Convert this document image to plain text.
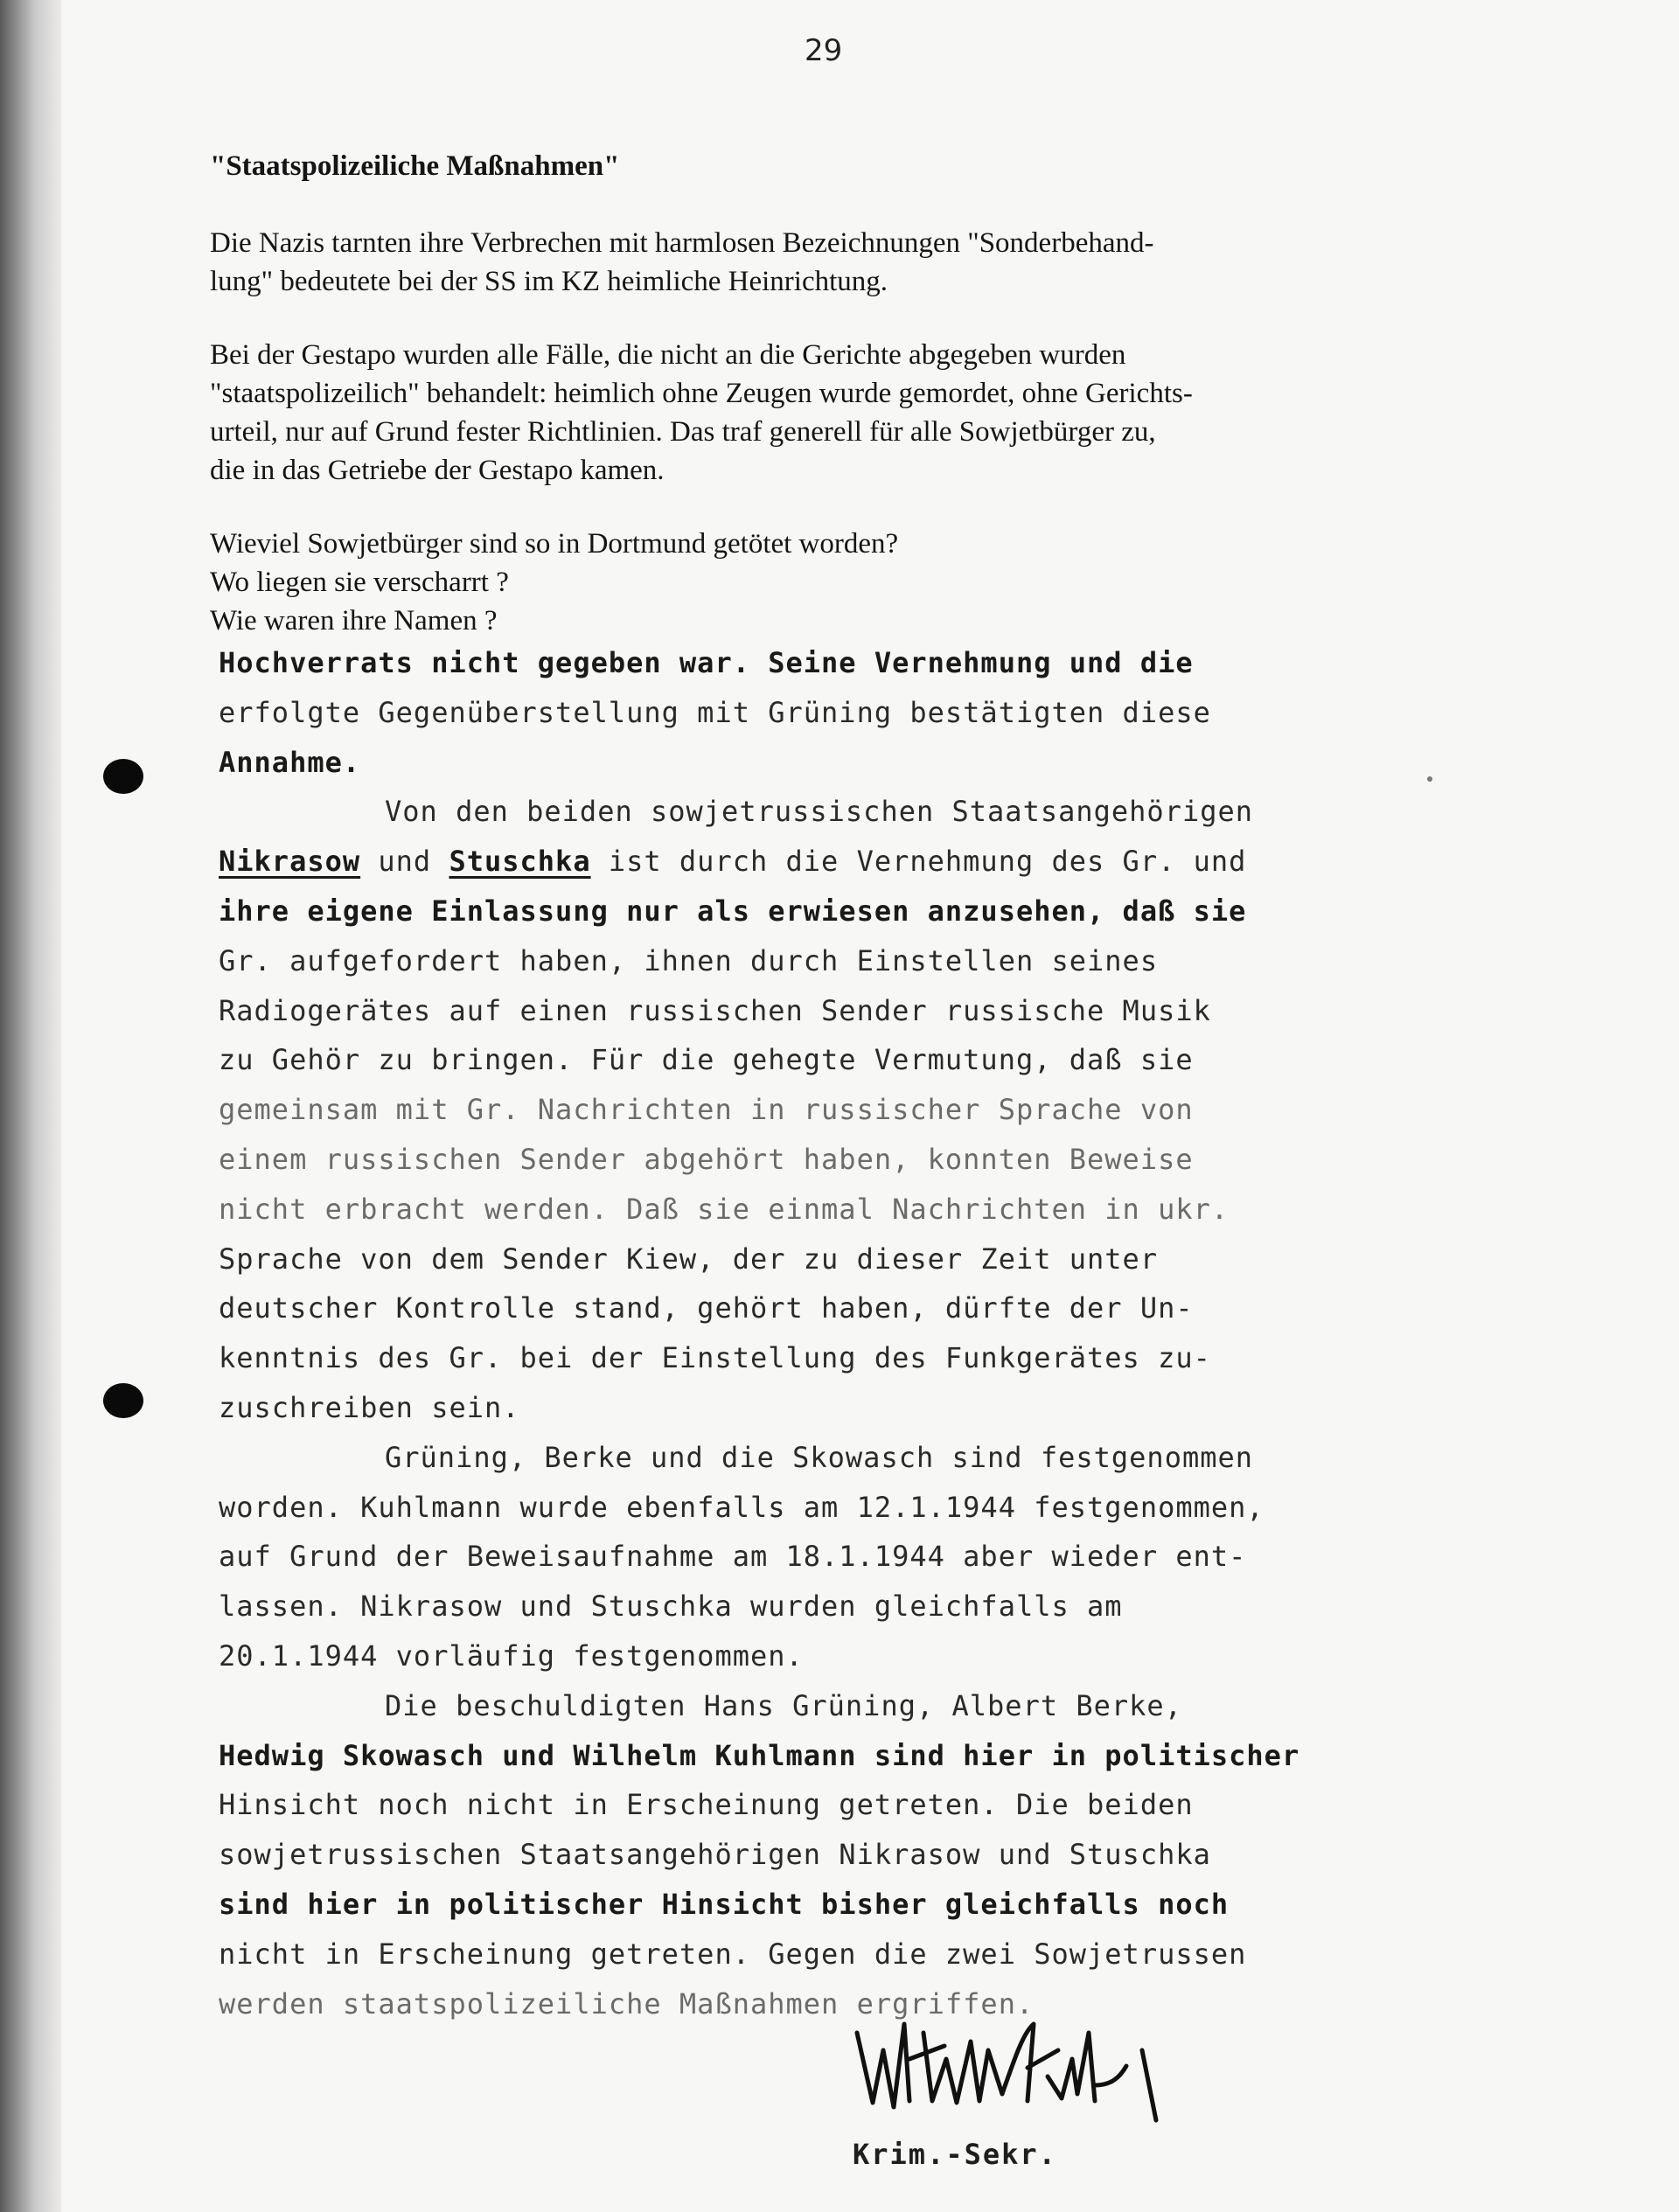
29

"Staatspolizeiliche Maßnahmen"

Die Nazis tarnten ihre Verbrechen mit harmlosen Bezeichnungen "Sonderbehand-
lung" bedeutete bei der SS im KZ heimliche Heinrichtung.

Bei der Gestapo wurden alle Fälle, die nicht an die Gerichte abgegeben wurden
"staatspolizeilich" behandelt: heimlich ohne Zeugen wurde gemordet, ohne Gerichts-
urteil, nur auf Grund fester Richtlinien. Das traf generell für alle Sowjetbürger zu,
die in das Getriebe der Gestapo kamen.

Wieviel Sowjetbürger sind so in Dortmund getötet worden?
Wo liegen sie verscharrt ?
Wie waren ihre Namen ?

Hochverrats nicht gegeben war. Seine Vernehmung und die
erfolgte Gegenüberstellung mit Grüning bestätigten diese
Annahme.
Von den beiden sowjetrussischen Staatsangehörigen
Nikrasow und Stuschka ist durch die Vernehmung des Gr. und
ihre eigene Einlassung nur als erwiesen anzusehen, daß sie
Gr. aufgefordert haben, ihnen durch Einstellen seines
Radiogerätes auf einen russischen Sender russische Musik
zu Gehör zu bringen. Für die gehegte Vermutung, daß sie
gemeinsam mit Gr. Nachrichten in russischer Sprache von
einem russischen Sender abgehört haben, konnten Beweise
nicht erbracht werden. Daß sie einmal Nachrichten in ukr.
Sprache von dem Sender Kiew, der zu dieser Zeit unter
deutscher Kontrolle stand, gehört haben, dürfte der Un-
kenntnis des Gr. bei der Einstellung des Funkgerätes zu-
zuschreiben sein.
Grüning, Berke und die Skowasch sind festgenommen
worden. Kuhlmann wurde ebenfalls am 12.1.1944 festgenommen,
auf Grund der Beweisaufnahme am 18.1.1944 aber wieder ent-
lassen. Nikrasow und Stuschka wurden gleichfalls am
20.1.1944 vorläufig festgenommen.
Die beschuldigten Hans Grüning, Albert Berke,
Hedwig Skowasch und Wilhelm Kuhlmann sind hier in politischer
Hinsicht noch nicht in Erscheinung getreten. Die beiden
sowjetrussischen Staatsangehörigen Nikrasow und Stuschka
sind hier in politischer Hinsicht bisher gleichfalls noch
nicht in Erscheinung getreten. Gegen die zwei Sowjetrussen
werden staatspolizeiliche Maßnahmen ergriffen.
Krim.-Sekr.
